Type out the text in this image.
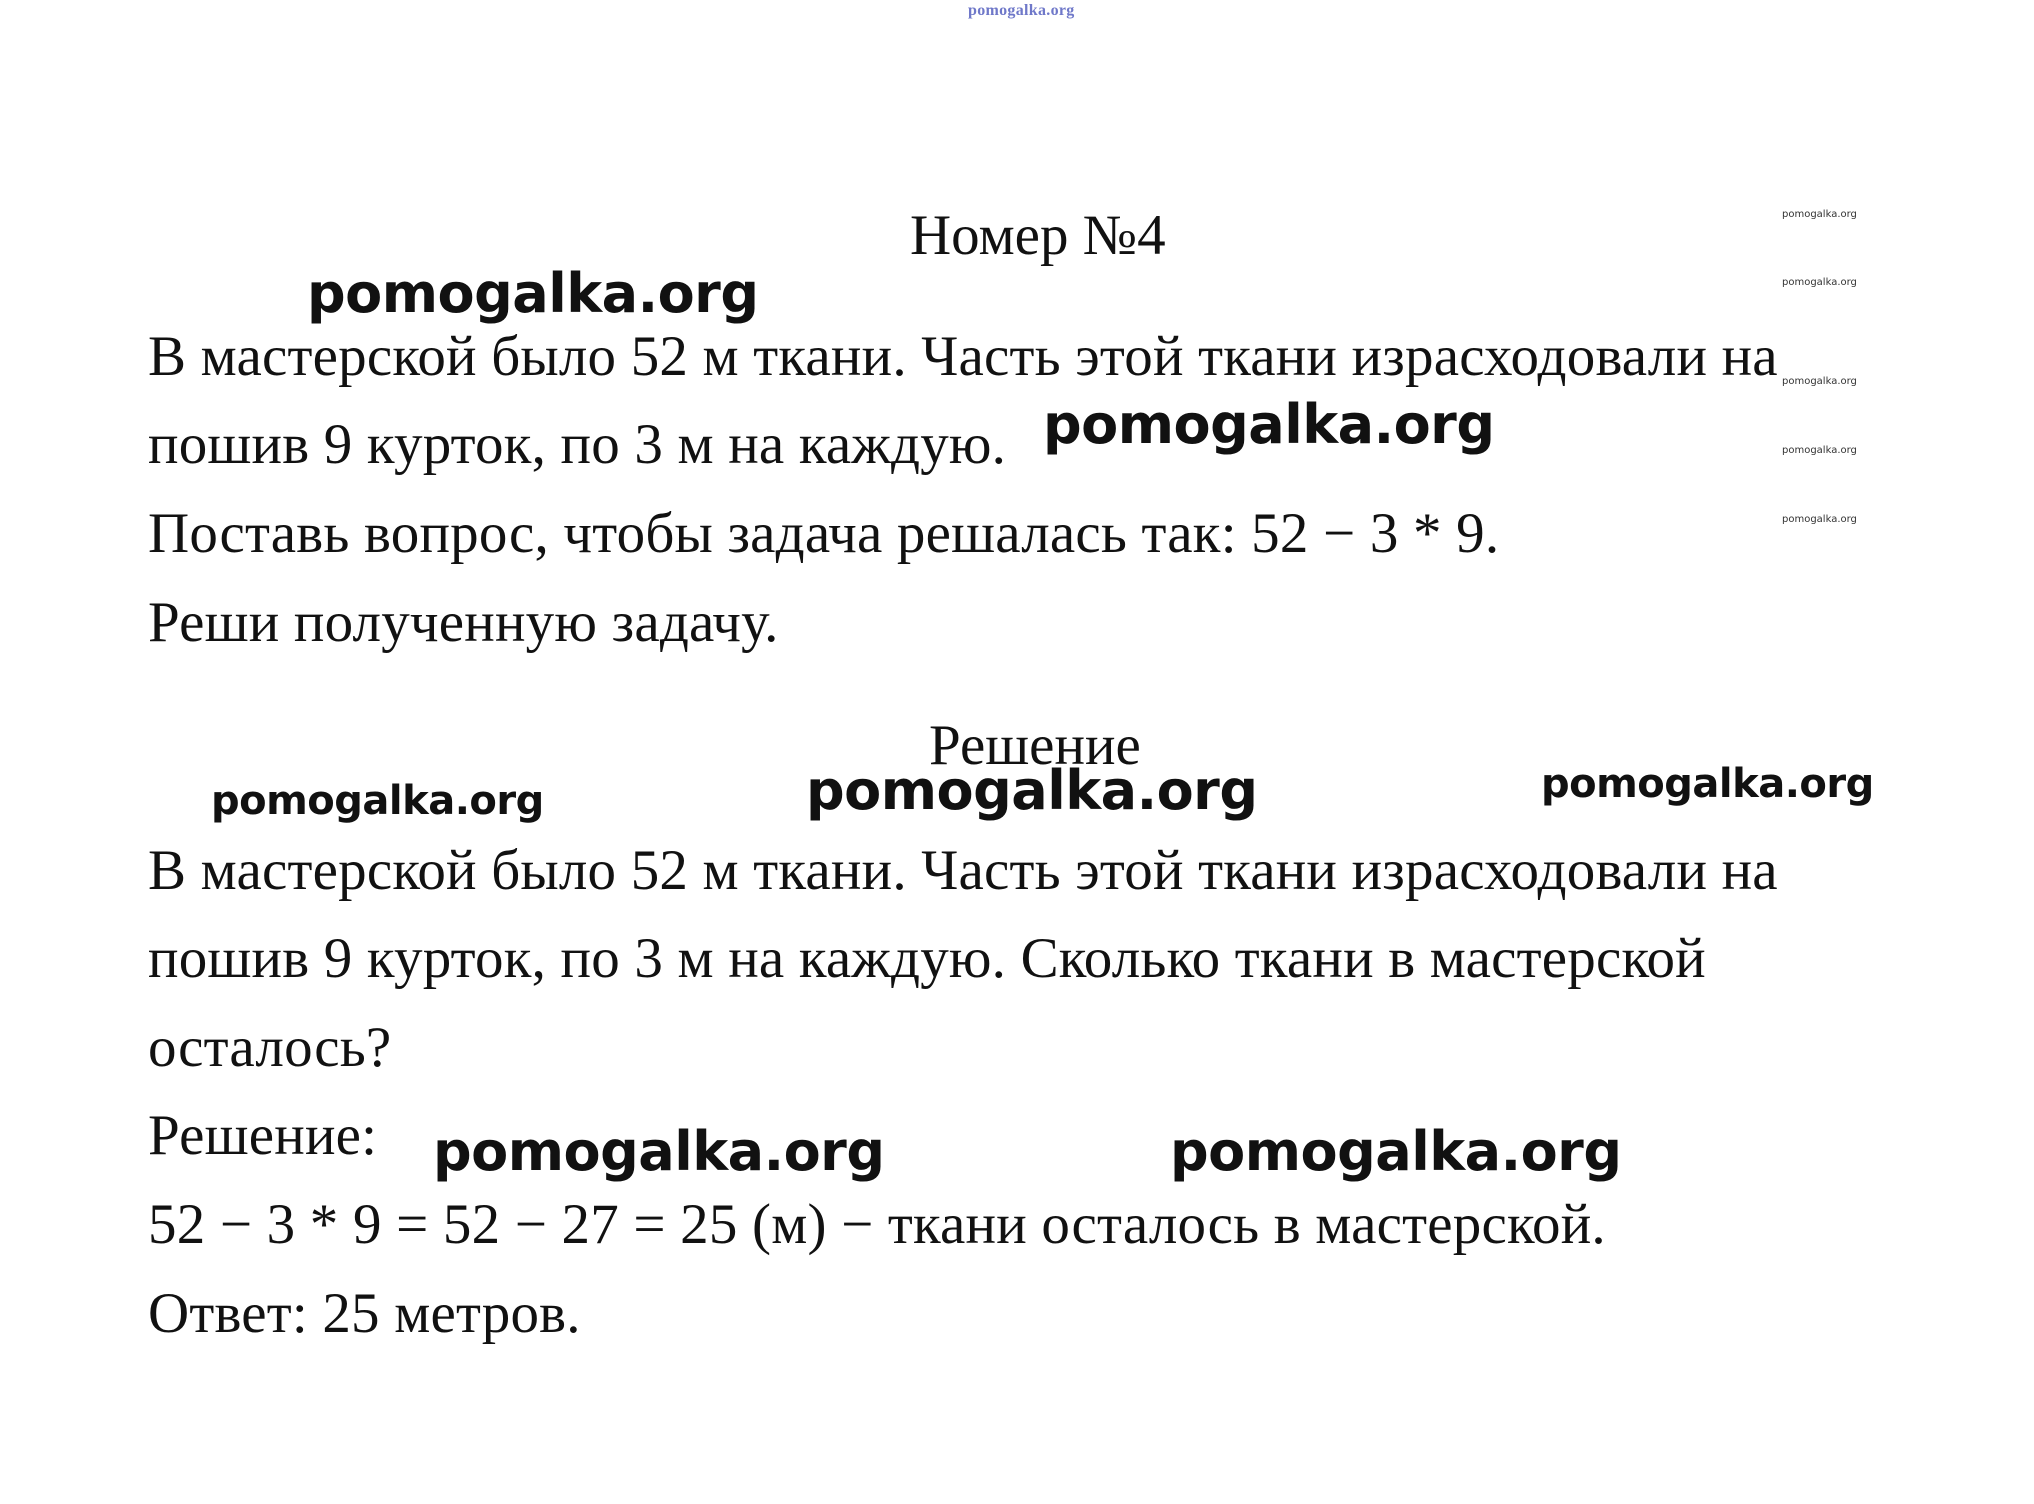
pomogalka.org
pomogalka.org
pomogalka.org
pomogalka.org
pomogalka.org
pomogalka.org
pomogalka.org
pomogalka.org
pomogalka.org	pomogalka.org	pomogalka.org
pomogalka.org	pomogalka.org
Номер №4
В мастерской было 52 м ткани. Часть этой ткани израсходовали на
пошив 9 курток, по 3 м на каждую.
Поставь вопрос, чтобы задача решалась так: 52 − 3 * 9.
Реши полученную задачу.
Решение
В мастерской было 52 м ткани. Часть этой ткани израсходовали на
пошив 9 курток, по 3 м на каждую. Сколько ткани в мастерской
осталось?
Решение:
52 − 3 * 9 = 52 − 27 = 25 (м) − ткани осталось в мастерской.
Ответ: 25 метров.
